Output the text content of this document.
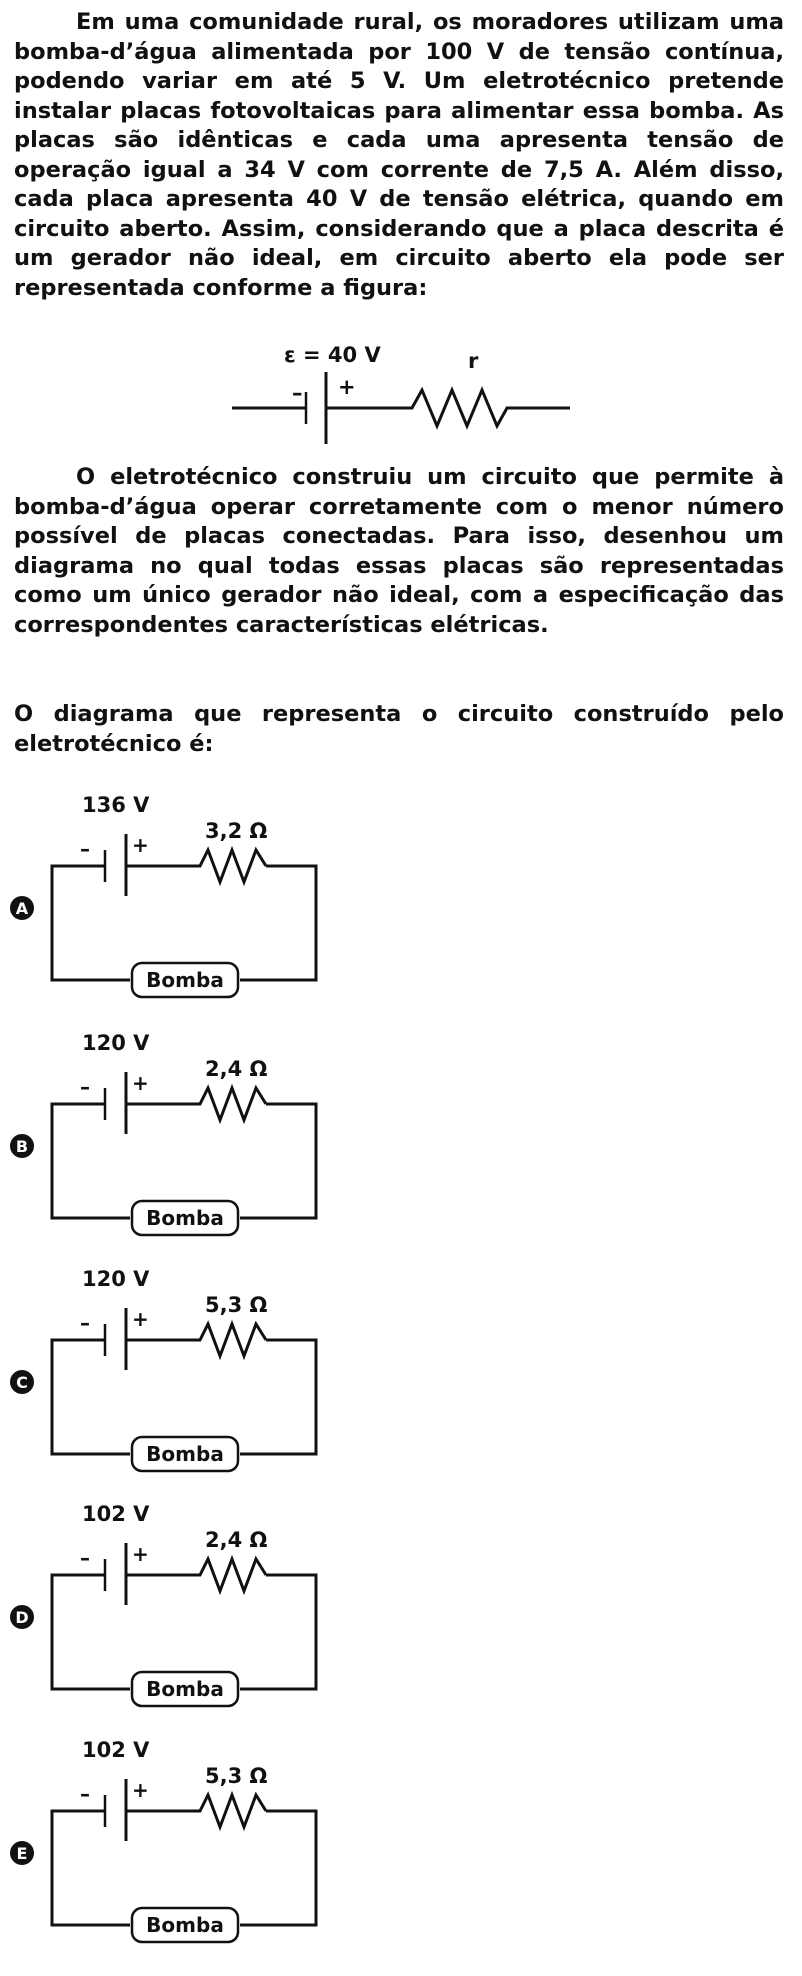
Em uma comunidade rural, os moradores utilizam uma bomba-d’água alimentada por 100 V de tensão contínua, podendo variar em até 5 V. Um eletrotécnico pretende instalar placas fotovoltaicas para alimentar essa bomba. As placas são idênticas e cada uma apresenta tensão de operação igual a 34 V com corrente de 7,5 A. Além disso, cada placa apresenta 40 V de tensão elétrica, quando em circuito aberto. Assim, considerando que a placa descrita é um gerador não ideal, em circuito aberto ela pode ser representada conforme a figura:

ε = 40 V
– +
r

O eletrotécnico construiu um circuito que permite à bomba-d’água operar corretamente com o menor número possível de placas conectadas. Para isso, desenhou um diagrama no qual todas essas placas são representadas como um único gerador não ideal, com a especificação das correspondentes características elétricas.

O diagrama que representa o circuito construído pelo eletrotécnico é:

136 V
3,2 Ω
– +
Bomba
A
120 V
2,4 Ω
– +
Bomba
B
120 V
5,3 Ω
– +
Bomba
C
102 V
2,4 Ω
– +
Bomba
D
102 V
5,3 Ω
– +
Bomba
E
